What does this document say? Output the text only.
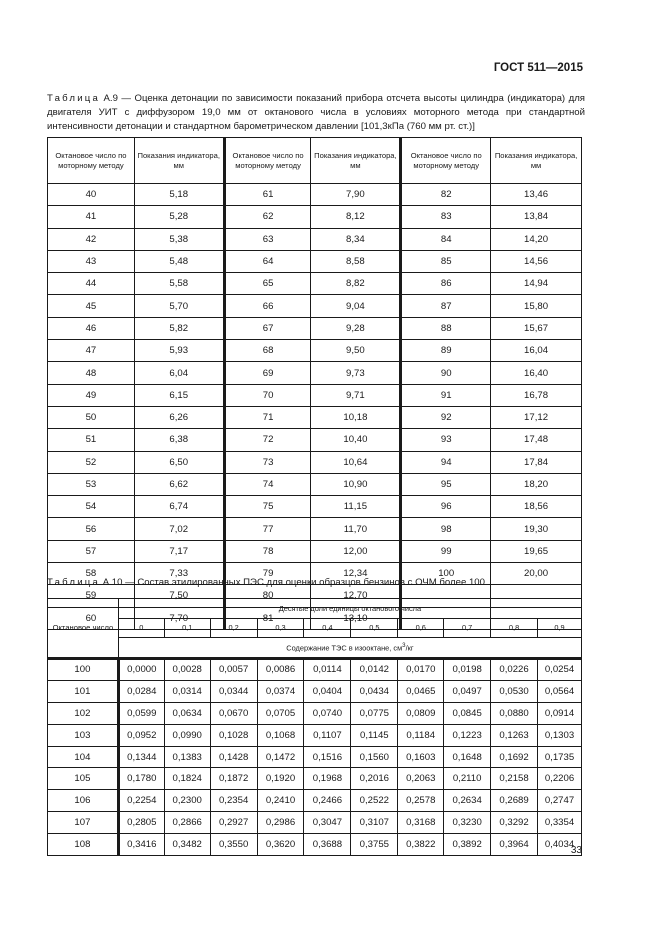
ГОСТ 511—2015
Таблица А.9 — Оценка детонации по зависимости показаний прибора отсчета высоты цилиндра (индикатора) для двигателя УИТ с диффузором 19,0 мм от октанового числа в условиях моторного метода при стандартной интенсивности детонации и стандартном барометрическом давлении [101,3кПа (760 мм рт. ст.)]
Октановое число по моторному методу	Показания индикатора, мм	Октановое число по моторному методу	Показания индикатора, мм	Октановое число по моторному методу	Показания индикатора, мм
40	5,18	61	7,90	82	13,46
41	5,28	62	8,12	83	13,84
42	5,38	63	8,34	84	14,20
43	5,48	64	8,58	85	14,56
44	5,58	65	8,82	86	14,94
45	5,70	66	9,04	87	15,80
46	5,82	67	9,28	88	15,67
47	5,93	68	9,50	89	16,04
48	6,04	69	9,73	90	16,40
49	6,15	70	9,71	91	16,78
50	6,26	71	10,18	92	17,12
51	6,38	72	10,40	93	17,48
52	6,50	73	10,64	94	17,84
53	6,62	74	10,90	95	18,20
54	6,74	75	11,15	96	18,56
56	7,02	77	11,70	98	19,30
57	7,17	78	12,00	99	19,65
58	7,33	79	12,34	100	20,00
59	7,50	80	12,70		
60	7,70	81	13,10		
Таблица А.10 — Состав этилированных ПЭС для оценки образцов бензинов с ОЧМ более 100
Октановое число	Десятые доли единицы октанового числа									
	0	0,1	0,2	0,3	0,4	0,5	0,6	0,7	0,8	0,9
	Содержание ТЭС в изооктане, $см^3/кг$									
100	0,0000	0,0028	0,0057	0,0086	0,0114	0,0142	0,0170	0,0198	0,0226	0,0254
101	0,0284	0,0314	0,0344	0,0374	0,0404	0,0434	0,0465	0,0497	0,0530	0,0564
102	0,0599	0,0634	0,0670	0,0705	0,0740	0,0775	0,0809	0,0845	0,0880	0,0914
103	0,0952	0,0990	0,1028	0,1068	0,1107	0,1145	0,1184	0,1223	0,1263	0,1303
104	0,1344	0,1383	0,1428	0,1472	0,1516	0,1560	0,1603	0,1648	0,1692	0,1735
105	0,1780	0,1824	0,1872	0,1920	0,1968	0,2016	0,2063	0,2110	0,2158	0,2206
106	0,2254	0,2300	0,2354	0,2410	0,2466	0,2522	0,2578	0,2634	0,2689	0,2747
107	0,2805	0,2866	0,2927	0,2986	0,3047	0,3107	0,3168	0,3230	0,3292	0,3354
108	0,3416	0,3482	0,3550	0,3620	0,3688	0,3755	0,3822	0,3892	0,3964	0,4034
33
